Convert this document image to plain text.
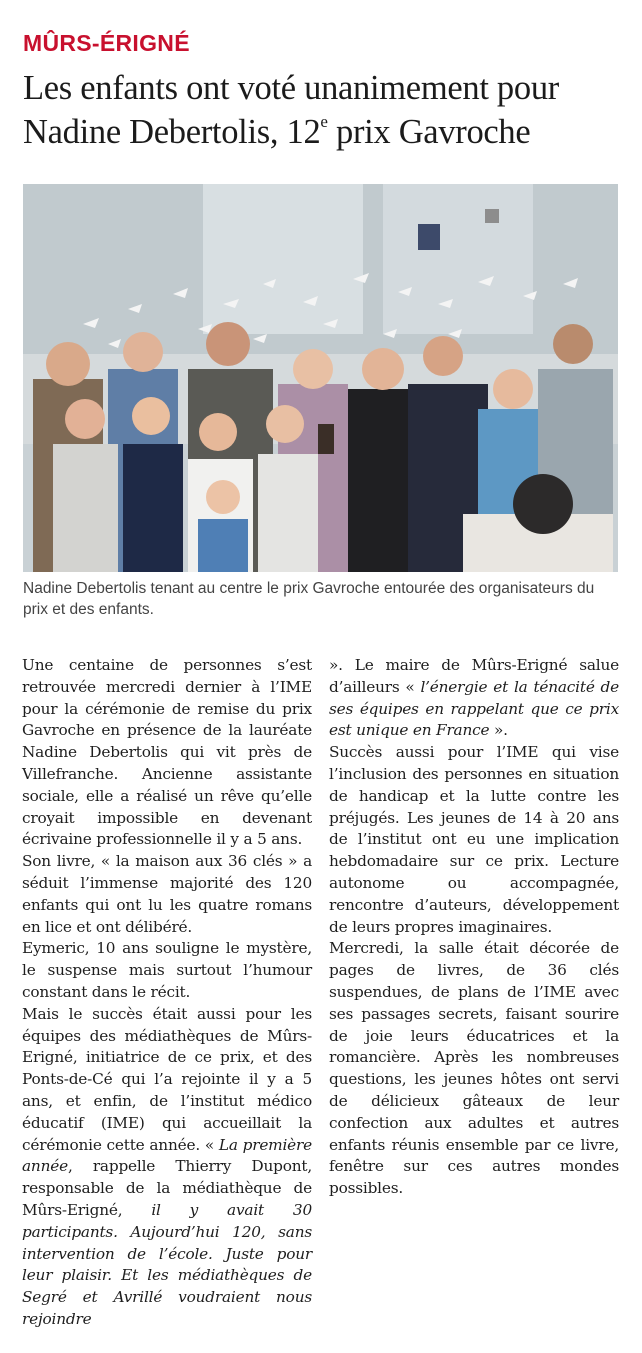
MÛRS-ÉRIGNÉ
Les enfants ont voté unanimement pour Nadine Debertolis, 12e prix Gavroche
Nadine Debertolis tenant au centre le prix Gavroche entourée des organisateurs du prix et des enfants.

Une centaine de personnes s’est retrouvée mercredi dernier à l’IME pour la cérémonie de remise du prix Gavroche en présence de la lauréate Nadine Debertolis qui vit près de Villefranche. Ancienne assistante sociale, elle a réalisé un rêve qu’elle croyait impossible en devenant écrivaine professionnelle il y a 5 ans.

Son livre, « la maison aux 36 clés » a séduit l’immense majorité des 120 enfants qui ont lu les quatre romans en lice et ont délibéré.

Eymeric, 10 ans souligne le mystère, le suspense mais surtout l’humour constant dans le récit.

Mais le succès était aussi pour les équipes des médiathèques de Mûrs-Erigné, initiatrice de ce prix, et des Ponts-de-Cé qui l’a rejointe il y a 5 ans, et enfin, de l’institut médico éducatif (IME) qui accueillait la cérémonie cette année. « La première année, rappelle Thierry Dupont, responsable de la médiathèque de Mûrs-Erigné, il y avait 30 participants. Aujourd’hui 120, sans intervention de l’école. Juste pour leur plaisir. Et les médiathèques de Segré et Avrillé voudraient nous rejoindre

». Le maire de Mûrs-Erigné salue d’ailleurs « l’énergie et la ténacité de ses équipes en rappelant que ce prix est unique en France ».

Succès aussi pour l’IME qui vise l’inclusion des personnes en situation de handicap et la lutte contre les préjugés. Les jeunes de 14 à 20 ans de l’institut ont eu une implication hebdomadaire sur ce prix. Lecture autonome ou accompagnée, rencontre d’auteurs, développement de leurs propres imaginaires.

Mercredi, la salle était décorée de pages de livres, de 36 clés suspendues, de plans de l’IME avec ses passages secrets, faisant sourire de joie leurs éducatrices et la romancière. Après les nombreuses questions, les jeunes hôtes ont servi de délicieux gâteaux de leur confection aux adultes et autres enfants réunis ensemble par ce livre, fenêtre sur ces autres mondes possibles.
